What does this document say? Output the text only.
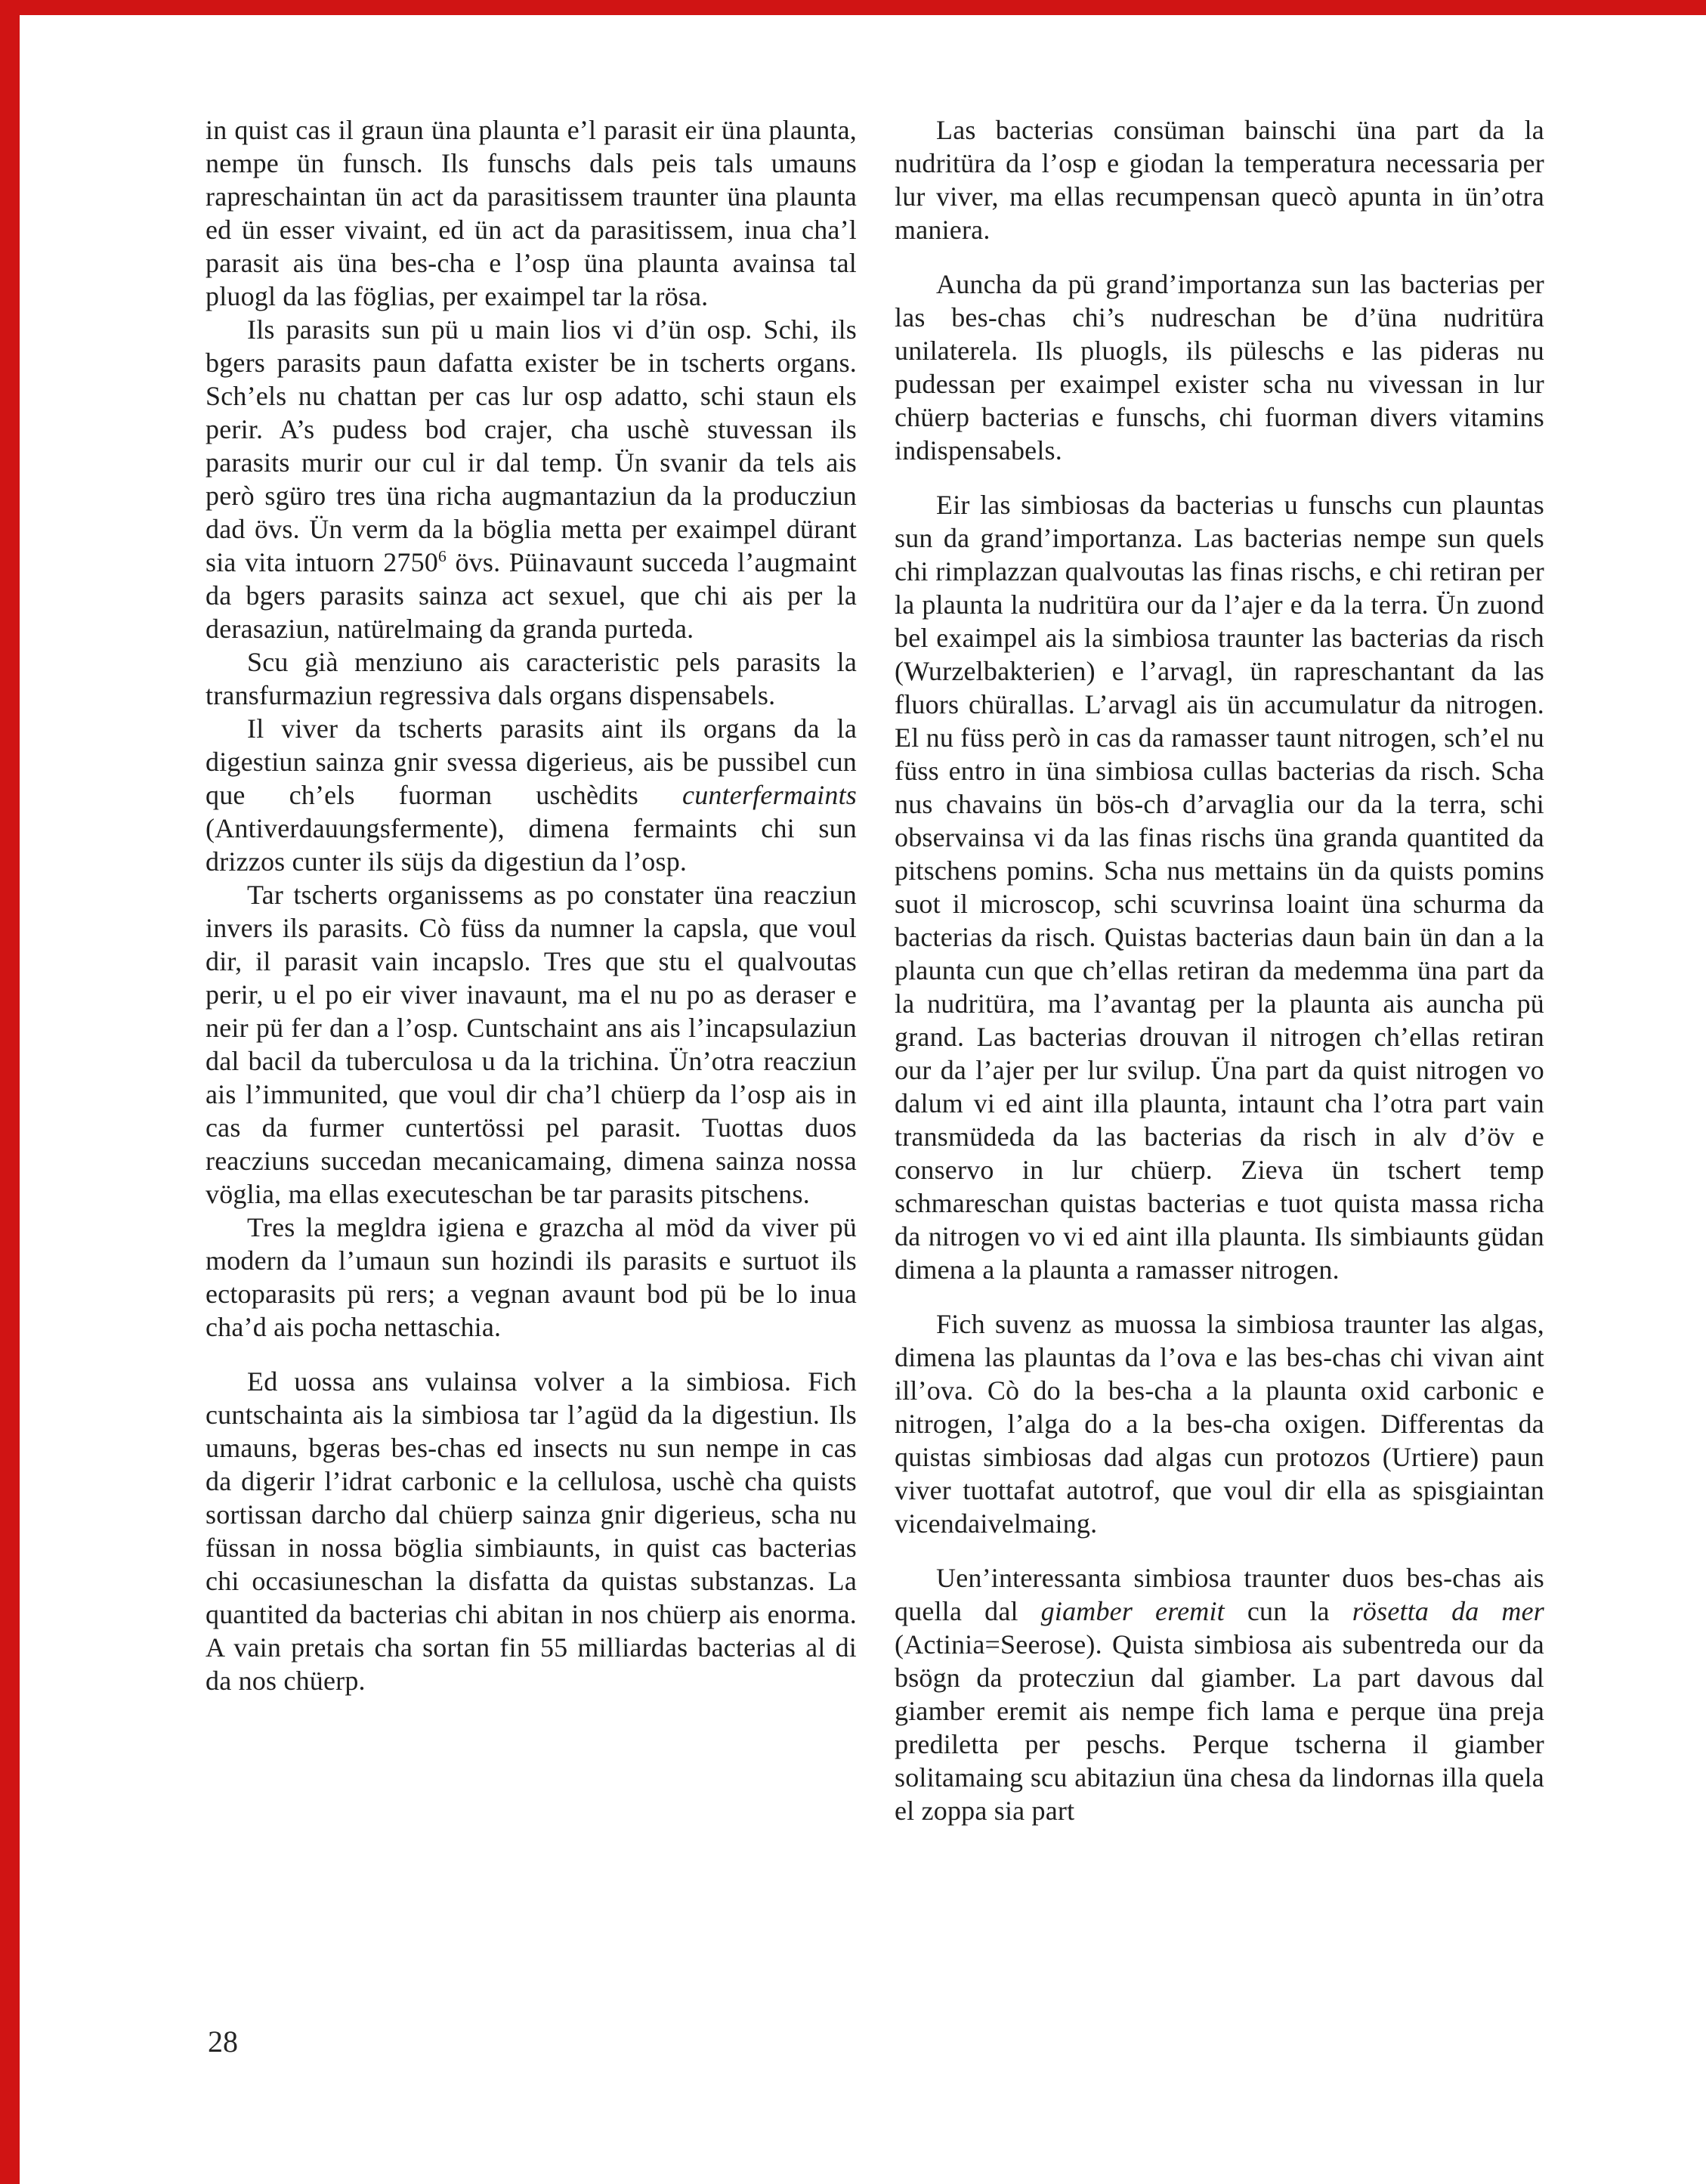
in quist cas il graun üna plaunta e’l parasit eir üna plaunta, nempe ün funsch. Ils funschs dals peis tals umauns rapreschaintan ün act da parasitissem traunter üna plaunta ed ün esser vivaint, ed ün act da parasitissem, inua cha’l parasit ais üna bes-cha e l’osp üna plaunta avainsa tal pluogl da las föglias, per exaimpel tar la rösa.

Ils parasits sun pü u main lios vi d’ün osp. Schi, ils bgers parasits paun dafatta exister be in tscherts organs. Sch’els nu chattan per cas lur osp adatto, schi staun els perir. A’s pudess bod crajer, cha uschè stuvessan ils parasits murir our cul ir dal temp. Ün svanir da tels ais però sgüro tres üna richa augmantaziun da la producziun dad övs. Ün verm da la böglia metta per exaimpel dürant sia vita intuorn 2750$^6$ övs. Püinavaunt succeda l’augmaint da bgers parasits sainza act sexuel, que chi ais per la derasaziun, natürelmaing da granda purteda.

Scu già menziuno ais caracteristic pels parasits la transfurmaziun regressiva dals organs dispensabels.

Il viver da tscherts parasits aint ils organs da la digestiun sainza gnir svessa digerieus, ais be pussibel cun que ch’els fuorman uschèdits cunterfermaints (Antiverdauungsfermente), dimena fermaints chi sun drizzos cunter ils süjs da digestiun da l’osp.

Tar tscherts organissems as po constater üna reacziun invers ils parasits. Cò füss da numner la capsla, que voul dir, il parasit vain incapslo. Tres que stu el qualvoutas perir, u el po eir viver inavaunt, ma el nu po as deraser e neir pü fer dan a l’osp. Cuntschaint ans ais l’incapsulaziun dal bacil da tuberculosa u da la trichina. Ün’otra reacziun ais l’immunited, que voul dir cha’l chüerp da l’osp ais in cas da furmer cuntertössi pel parasit. Tuottas duos reacziuns succedan mecanicamaing, dimena sainza nossa vöglia, ma ellas executeschan be tar parasits pitschens.

Tres la megldra igiena e grazcha al möd da viver pü modern da l’umaun sun hozindi ils parasits e surtuot ils ectoparasits pü rers; a vegnan avaunt bod pü be lo inua cha’d ais pocha nettaschia.

Ed uossa ans vulainsa volver a la simbiosa. Fich cuntschainta ais la simbiosa tar l’agüd da la digestiun. Ils umauns, bgeras bes-chas ed insects nu sun nempe in cas da digerir l’idrat carbonic e la cellulosa, uschè cha quists sortissan darcho dal chüerp sainza gnir digerieus, scha nu füssan in nossa böglia simbiaunts, in quist cas bacterias chi occasiuneschan la disfatta da quistas substanzas. La quantited da bacterias chi abitan in nos chüerp ais enorma. A vain pretais cha sortan fin 55 milliardas bacterias al di da nos chüerp.

Las bacterias consüman bainschi üna part da la nudritüra da l’osp e giodan la temperatura necessaria per lur viver, ma ellas recumpensan quecò apunta in ün’otra maniera.

Auncha da pü grand’importanza sun las bacterias per las bes-chas chi’s nudreschan be d’üna nudritüra unilaterela. Ils pluogls, ils püleschs e las pideras nu pudessan per exaimpel exister scha nu vivessan in lur chüerp bacterias e funschs, chi fuorman divers vitamins indispensabels.

Eir las simbiosas da bacterias u funschs cun plauntas sun da grand’importanza. Las bacterias nempe sun quels chi rimplazzan qualvoutas las finas rischs, e chi retiran per la plaunta la nudritüra our da l’ajer e da la terra. Ün zuond bel exaimpel ais la simbiosa traunter las bacterias da risch (Wurzelbakterien) e l’arvagl, ün rapreschantant da las fluors chürallas. L’arvagl ais ün accumulatur da nitrogen. El nu füss però in cas da ramasser taunt nitrogen, sch’el nu füss entro in üna simbiosa cullas bacterias da risch. Scha nus chavains ün bös-ch d’arvaglia our da la terra, schi observainsa vi da las finas rischs üna granda quantited da pitschens pomins. Scha nus mettains ün da quists pomins suot il microscop, schi scuvrinsa loaint üna schurma da bacterias da risch. Quistas bacterias daun bain ün dan a la plaunta cun que ch’ellas retiran da medemma üna part da la nudritüra, ma l’avantag per la plaunta ais auncha pü grand. Las bacterias drouvan il nitrogen ch’ellas retiran our da l’ajer per lur svilup. Üna part da quist nitrogen vo dalum vi ed aint illa plaunta, intaunt cha l’otra part vain transmüdeda da las bacterias da risch in alv d’öv e conservo in lur chüerp. Zieva ün tschert temp schmareschan quistas bacterias e tuot quista massa richa da nitrogen vo vi ed aint illa plaunta. Ils simbiaunts güdan dimena a la plaunta a ramasser nitrogen.

Fich suvenz as muossa la simbiosa traunter las algas, dimena las plauntas da l’ova e las bes-chas chi vivan aint ill’ova. Cò do la bes-cha a la plaunta oxid carbonic e nitrogen, l’alga do a la bes-cha oxigen. Differentas da quistas simbiosas dad algas cun protozos (Urtiere) paun viver tuottafat autotrof, que voul dir ella as spisgiaintan vicendaivelmaing.

Uen’interessanta simbiosa traunter duos bes-chas ais quella dal giamber eremit cun la rösetta da mer (Actinia=Seerose). Quista simbiosa ais subentreda our da bsögn da protecziun dal giamber. La part davous dal giamber eremit ais nempe fich lama e perque üna preja prediletta per peschs. Perque tscherna il giamber solitamaing scu abitaziun üna chesa da lindornas illa quela el zoppa sia part

28
